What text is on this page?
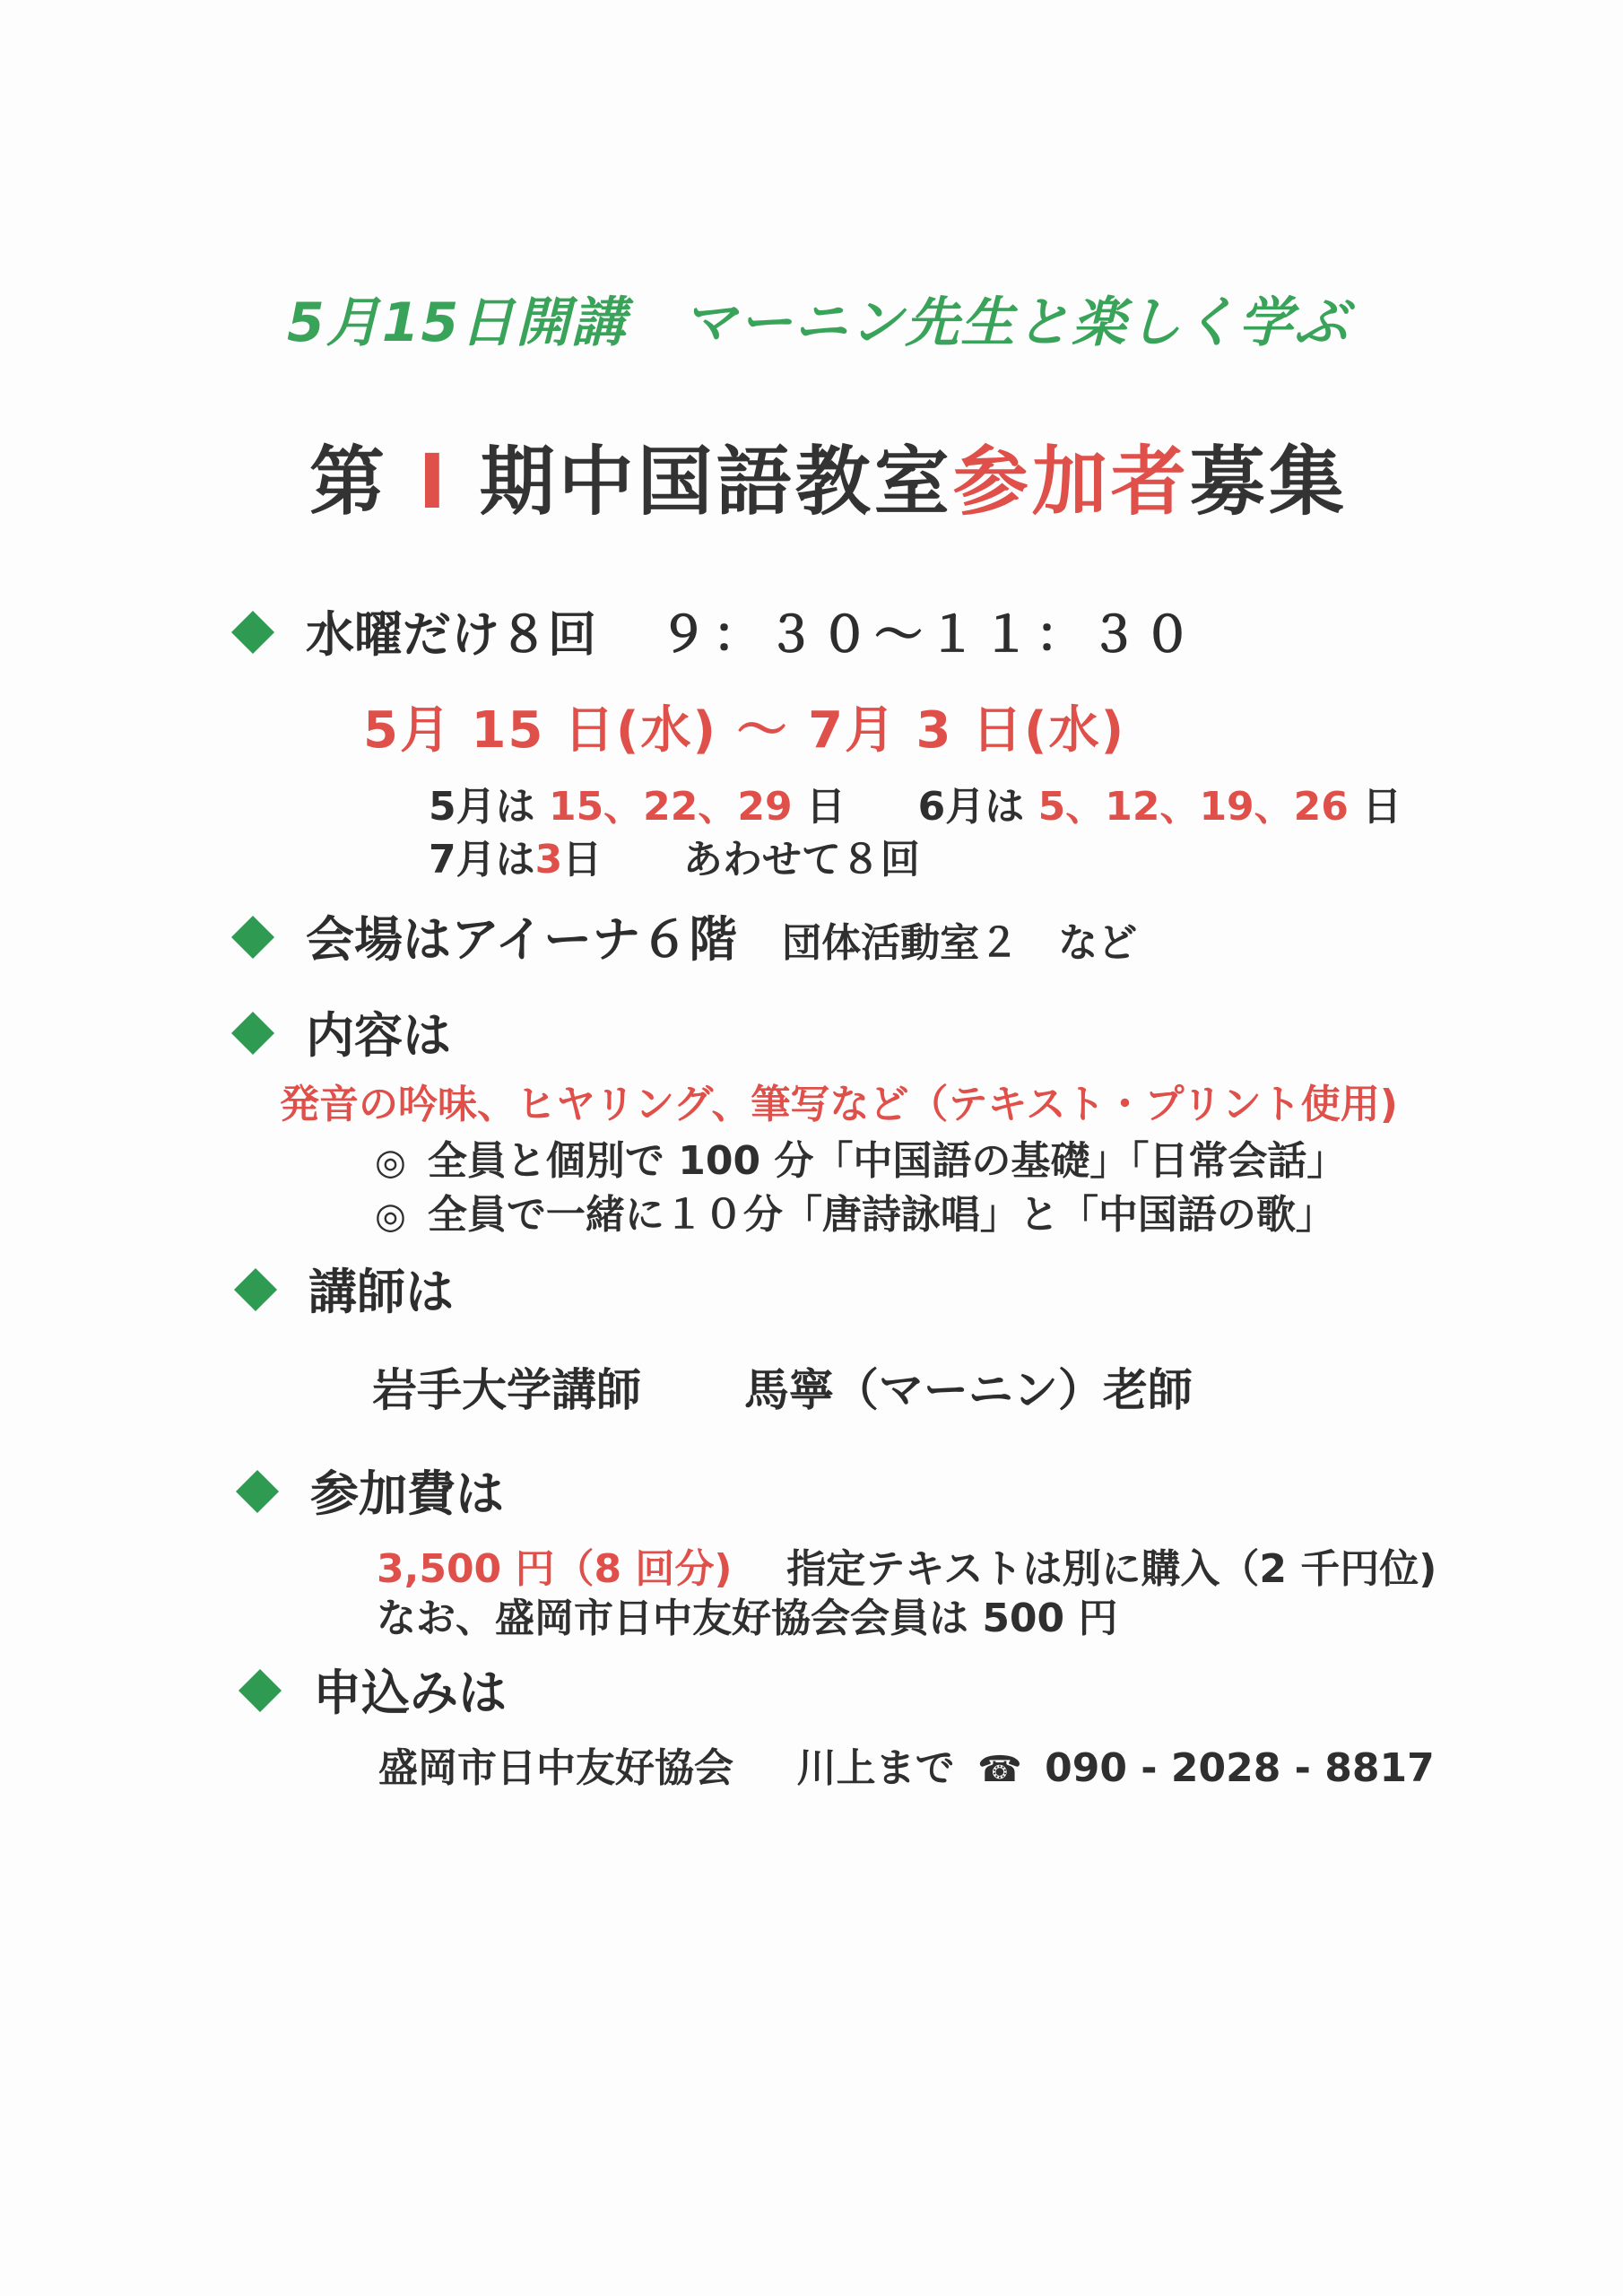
5月15日開講　マーニン先生と楽しく学ぶ
第 Ⅰ 期中国語教室参加者募集
水曜だけ８回 ９：３０〜１１：３０
5月 15 日(水) 〜 7月 3 日(水)
5月は 15、22、29 日 6月は 5、12、19、26 日
7月は3日 あわせて８回
会場はアイーナ６階 団体活動室２　など
内容は
発音の吟味、ヒヤリング、筆写など（テキスト・プリント使用)
◎ 全員と個別で 100 分「中国語の基礎」「日常会話」
◎ 全員で一緒に１０分「唐詩詠唱」と「中国語の歌」
講師は
岩手大学講師 馬寧（マーニン）老師
参加費は
3,500 円（8 回分) 指定テキストは別に購入（2 千円位)
なお、盛岡市日中友好協会会員は 500 円
申込みは
盛岡市日中友好協会 川上まで ☎ 090 - 2028 - 8817
